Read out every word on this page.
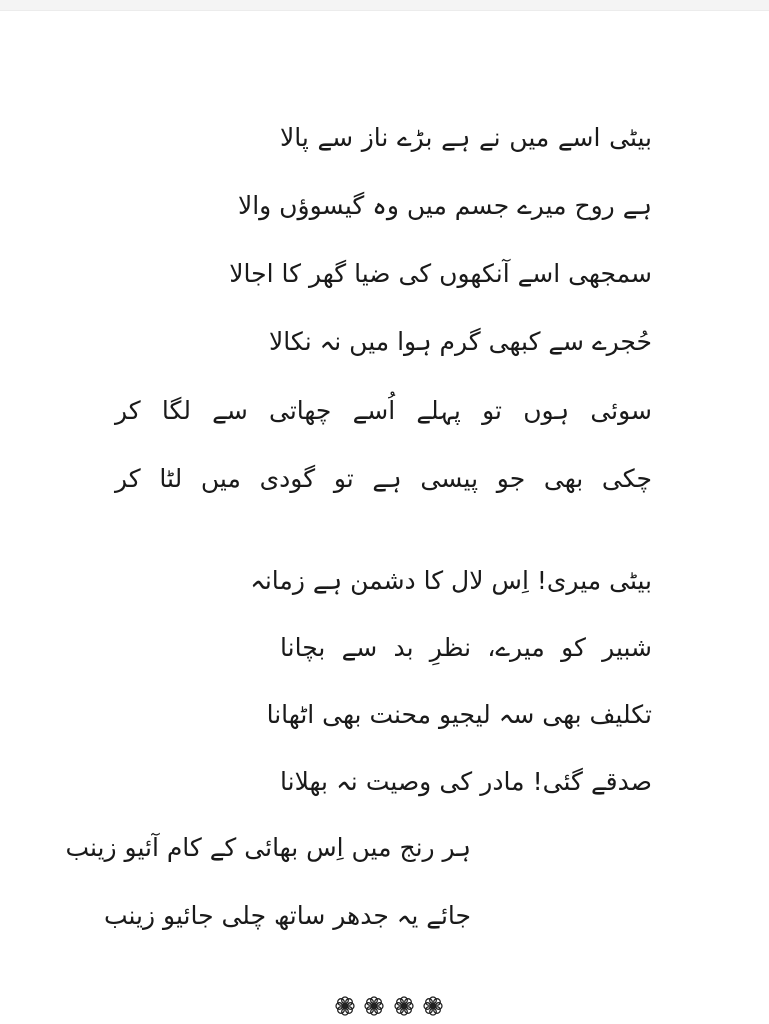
بیٹی اسے میں نے ہے بڑے ناز سے پالا
ہے روح میرے جسم میں وہ گیسوؤں والا
سمجھی اسے آنکھوں کی ضیا گھر کا اجالا
حُجرے سے کبھی گرم ہوا میں نہ نکالا
سوئی ہوں تو پہلے اُسے چھاتی سے لگا کر
چکی بھی جو پیسی ہے تو گودی میں لٹا کر
بیٹی میری! اِس لال کا دشمن ہے زمانہ
شبیر کو میرے، نظرِ بد سے بچانا
تکلیف بھی سہ لیجیو محنت بھی اٹھانا
صدقے گئی! مادر کی وصیت نہ بھلانا
ہر رنج میں اِس بھائی کے کام آئیو زینب
جائے یہ جدھر ساتھ چلی جائیو زینب
